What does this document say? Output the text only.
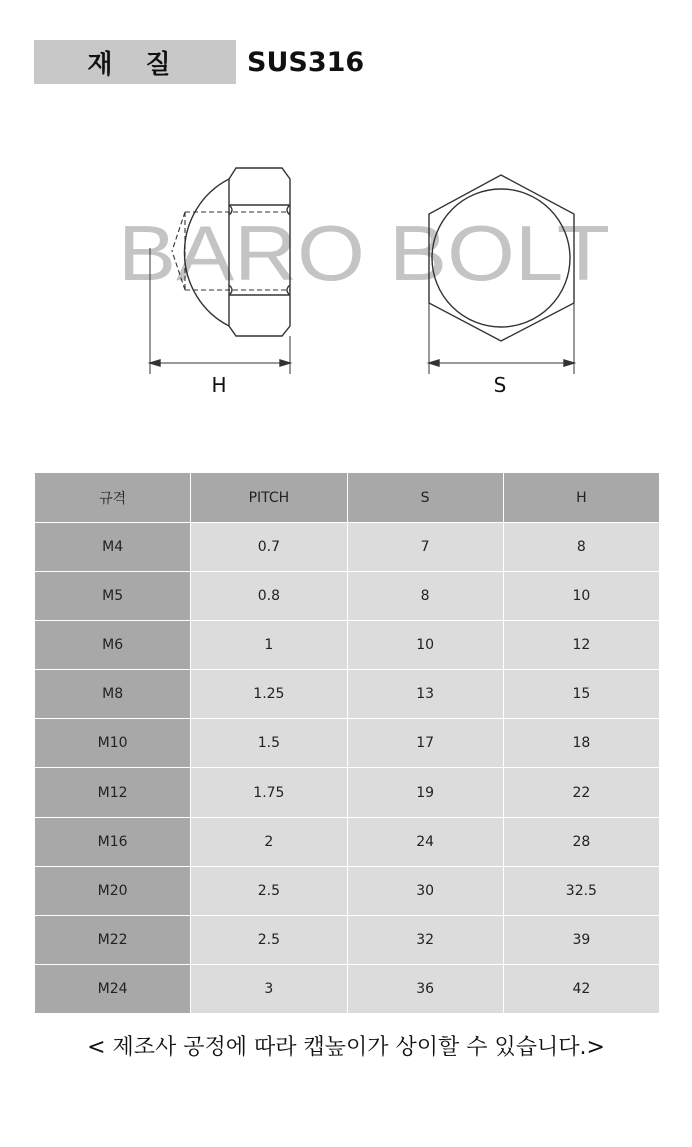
재 질	SUS316
BARO BOLT
H	S
규격	PITCH	S	H
M4	0.7	7	8
M5	0.8	8	10
M6	1	10	12
M8	1.25	13	15
M10	1.5	17	18
M12	1.75	19	22
M16	2	24	28
M20	2.5	30	32.5
M22	2.5	32	39
M24	3	36	42
< 제조사 공정에 따라 캡높이가 상이할 수 있습니다.>
